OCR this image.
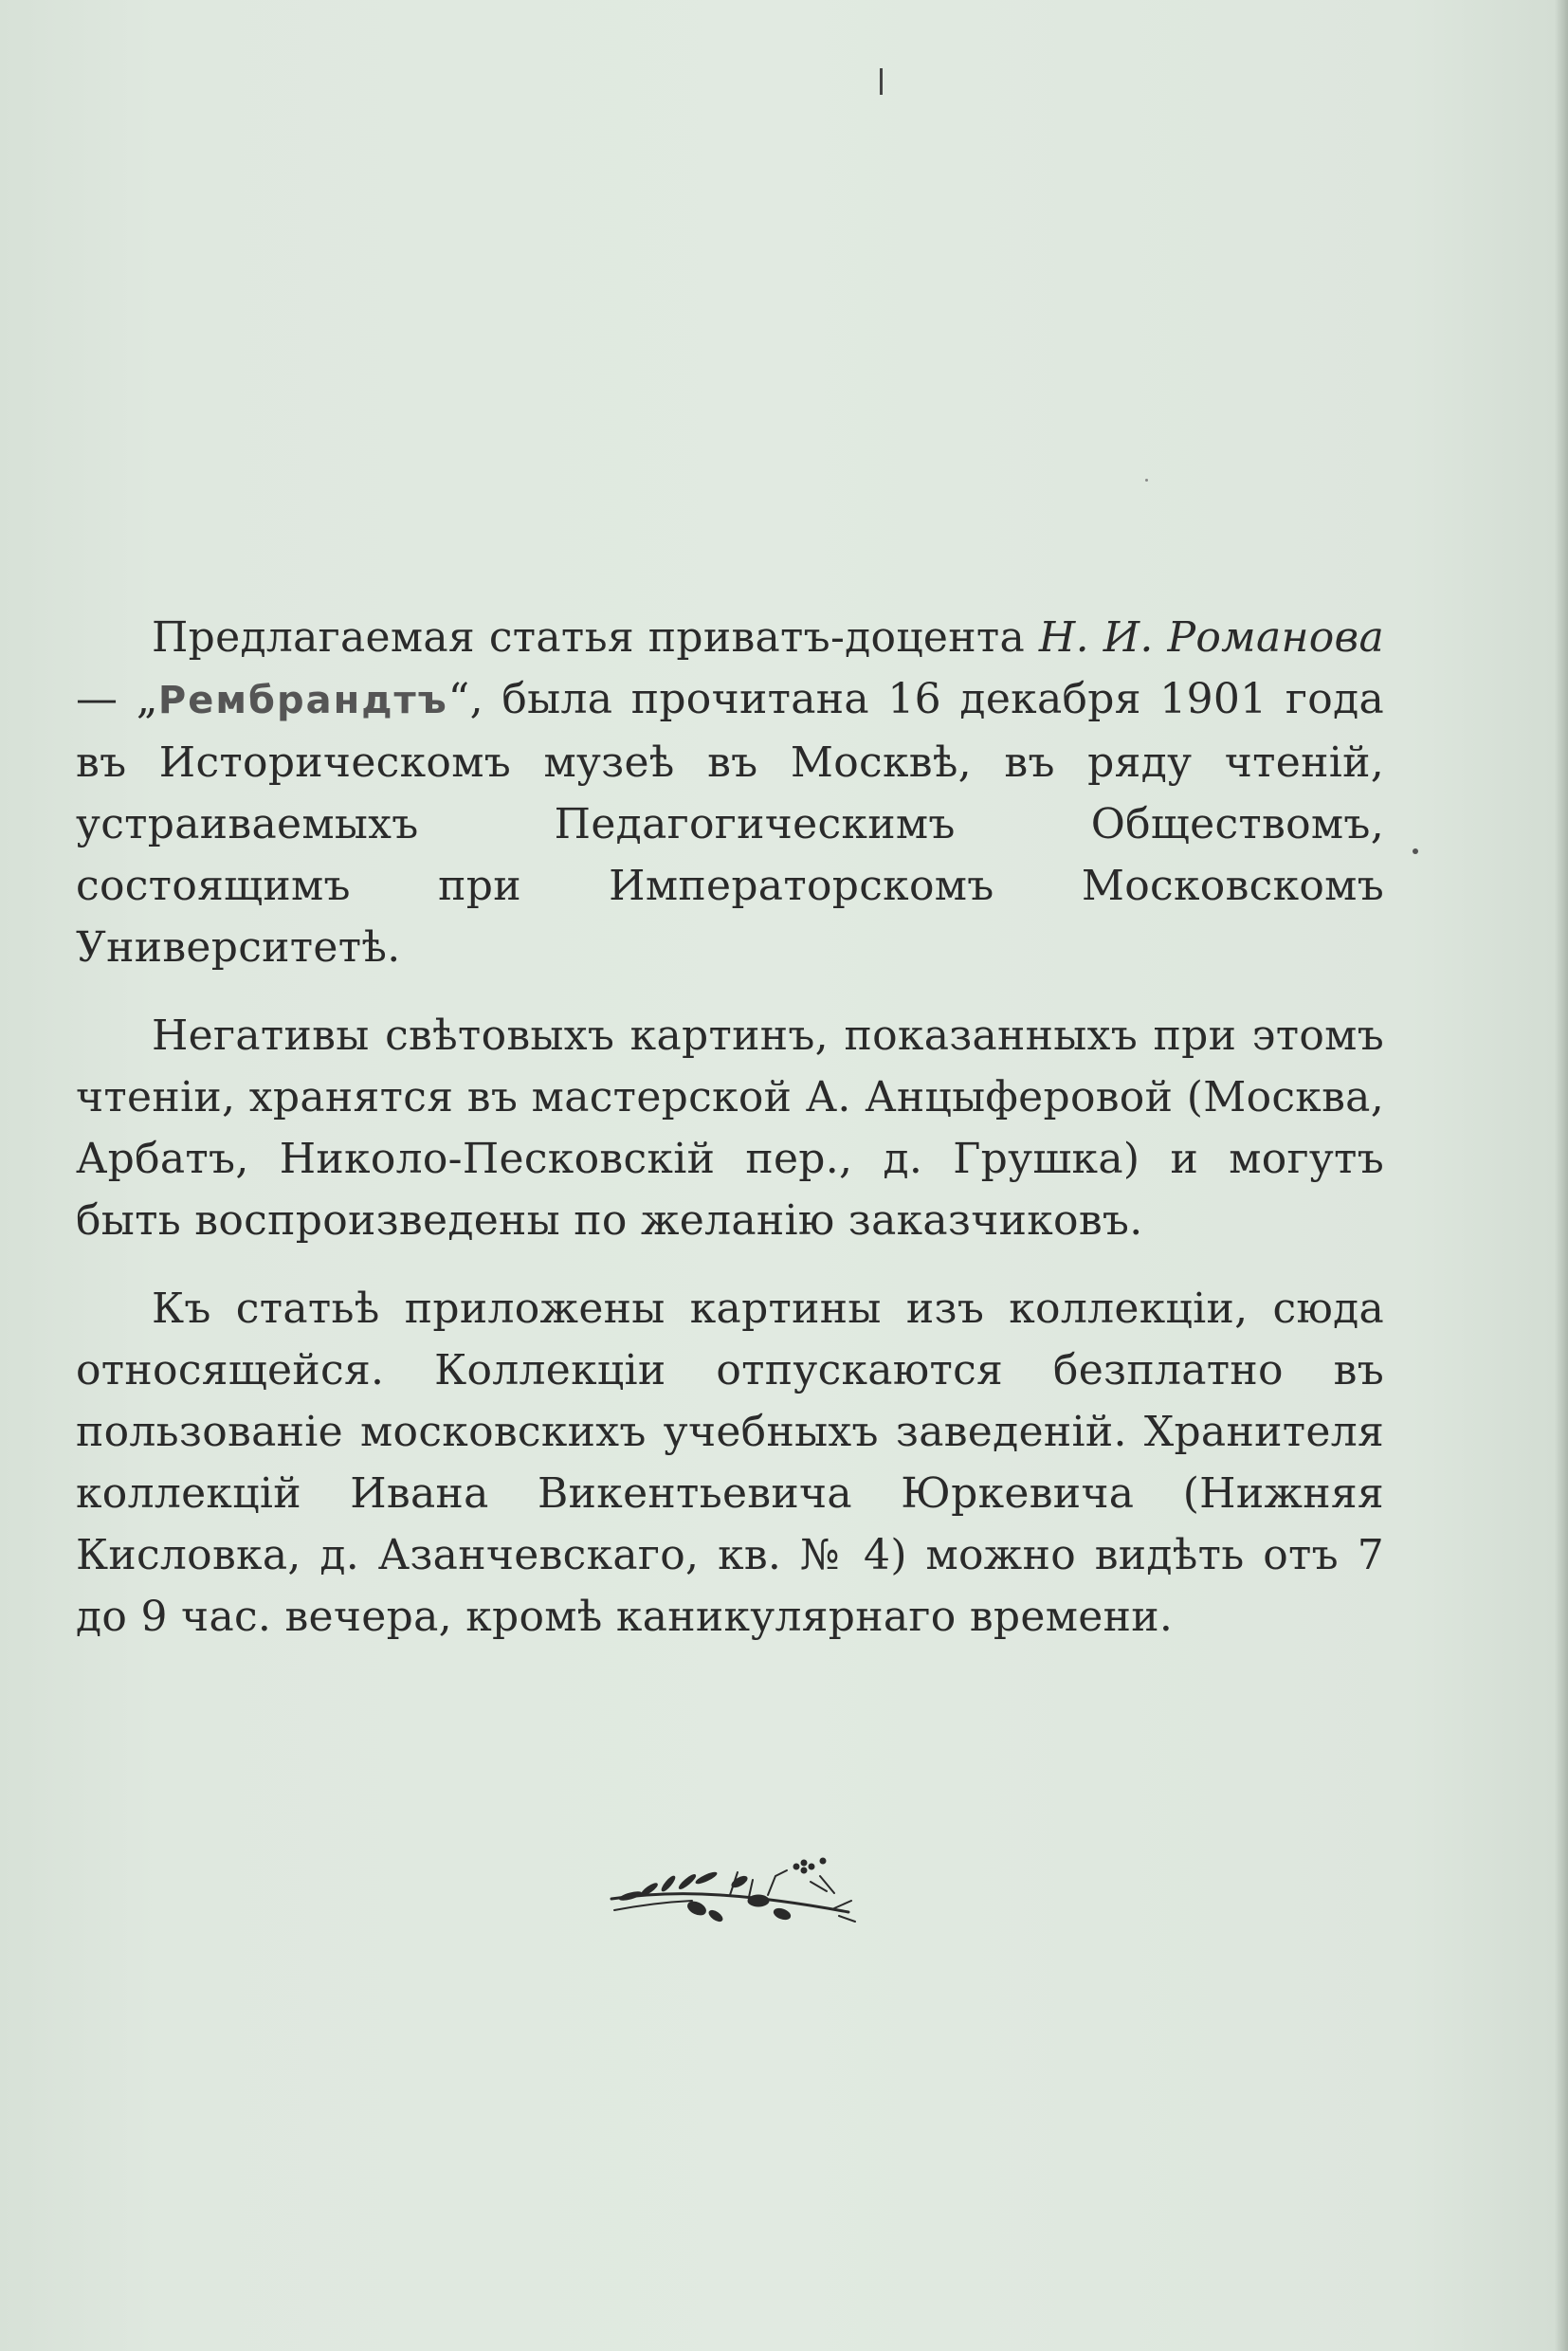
Предлагаемая статья приватъ-доцента Н. И. Романова — „Рембрандтъ“, была прочитана 16 декабря 1901 года въ Историческомъ музеѣ въ Москвѣ, въ ряду чтеній, устраиваемыхъ Педагогическимъ Обществомъ, состоящимъ при Императорскомъ Московскомъ Университетѣ.

Негативы свѣтовыхъ картинъ, показанныхъ при этомъ чтеніи, хранятся въ мастерской А. Анцыферовой (Москва, Арбатъ, Николо-Песковскій пер., д. Грушка) и могутъ быть воспроизведены по желанію заказчиковъ.

Къ статьѣ приложены картины изъ коллекціи, сюда относящейся. Коллекціи отпускаются безплатно въ пользованіе московскихъ учебныхъ заведеній. Хранителя коллекцій Ивана Викентьевича Юркевича (Нижняя Кисловка, д. Азанчевскаго, кв. № 4) можно видѣть отъ 7 до 9 час. вечера, кромѣ каникулярнаго времени.
